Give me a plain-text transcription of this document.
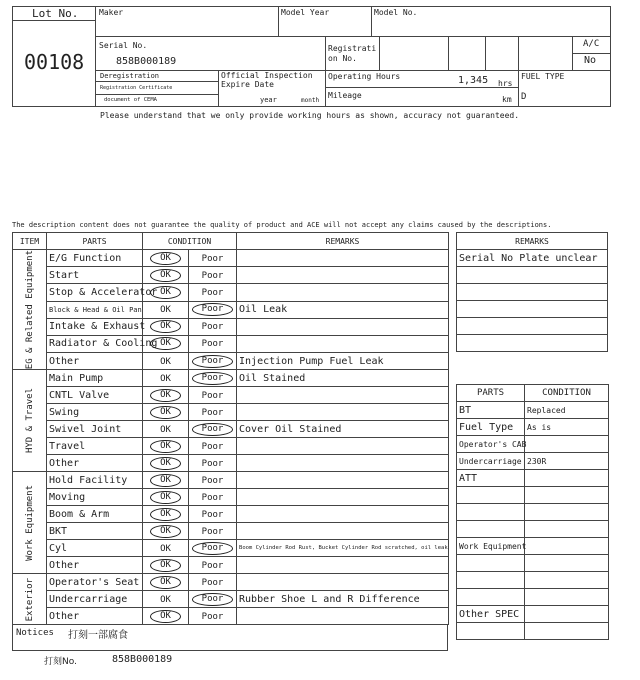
Lot No.
00108
Maker	Model Year	Model No.
Serial No.
858B000189
Registrati on No.
A/C
No
Deregistration
Registration Certificate
document of CEMA
Official Inspection Expire Date
year	month
Operating Hours	1,345 hrs
Mileage	km
FUEL TYPE
D
Please understand that we only provide working hours as shown, accuracy not guaranteed.
The description content does not guarantee the quality of product and ACE will not accept any claims caused by the descriptions.
ITEM	PARTS	CONDITION		REMARKS

EG & Related Equipment	E/G Function	OK	Poor	
	Start	OK	Poor	
	Stop & Accelerator	OK	Poor	
	Block & Head & Oil Pan	OK	Poor	Oil Leak
	Intake & Exhaust	OK	Poor	
	Radiator & Cooling	OK	Poor	
	Other	OK	Poor	Injection Pump Fuel Leak

HYD & Travel	Main Pump	OK	Poor	Oil Stained
	CNTL Valve	OK	Poor	
	Swing	OK	Poor	
	Swivel Joint	OK	Poor	Cover Oil Stained
	Travel	OK	Poor	
	Other	OK	Poor	

Work Equipment	Hold Facility	OK	Poor	
	Moving	OK	Poor	
	Boom & Arm	OK	Poor	
	BKT	OK	Poor	
	Cyl	OK	Poor	Boom Cylinder Rod Rust, Bucket Cylinder Rod scratched, oil leak
	Other	OK	Poor	

Exterior	Operator's Seat	OK	Poor	
	Undercarriage	OK	Poor	Rubber Shoe L and R Difference
	Other	OK	Poor	
Notices 打刻一部腐食
REMARKS
Serial No Plate unclear

PARTS	CONDITION
BT	Replaced
Fuel Type	As is
Operator's CAB	
Undercarriage	230R
ATT	

Work Equipment	

Other SPEC	

打刻No.	858B000189
